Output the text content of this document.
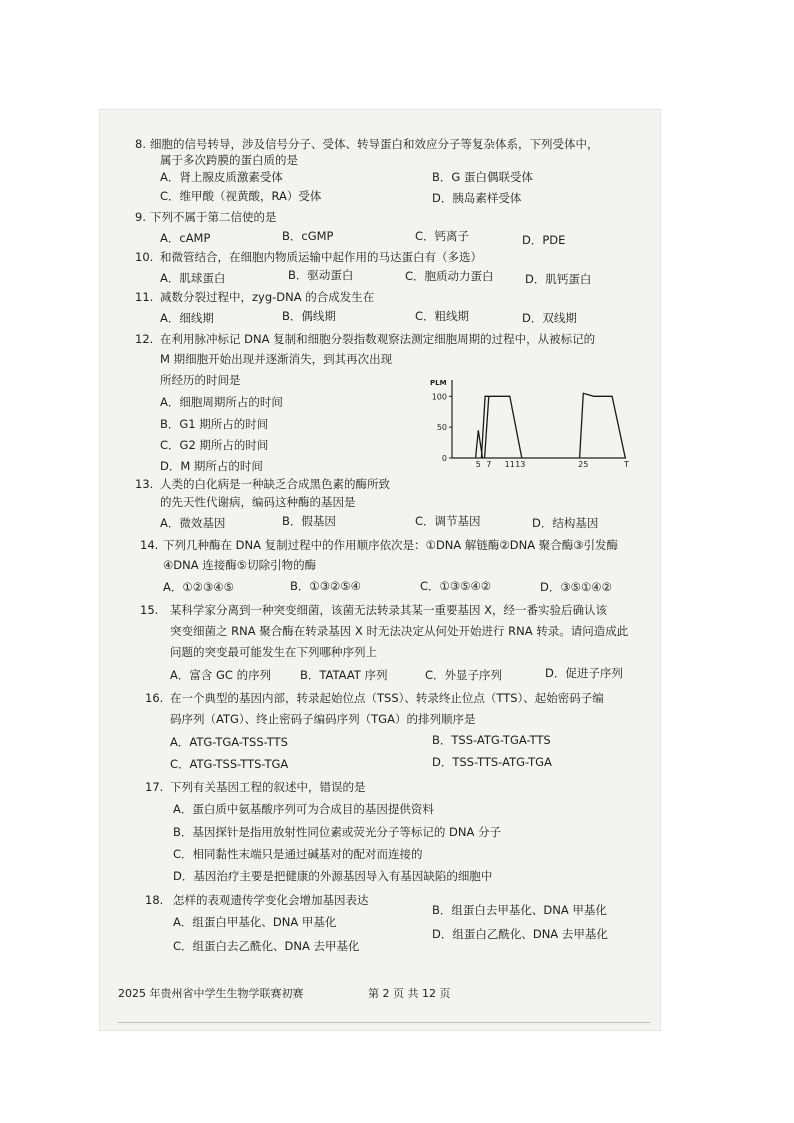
8. 细胞的信号转导，涉及信号分子、受体、转导蛋白和效应分子等复杂体系，下列受体中，
属于多次跨膜的蛋白质的是
A．肾上腺皮质激素受体	B．G 蛋白偶联受体
C．维甲酸（视黄酸，RA）受体	D．胰岛素样受体
9. 下列不属于第二信使的是
A．cAMP	B．cGMP	C．钙离子	D．PDE
10. 和微管结合，在细胞内物质运输中起作用的马达蛋白有（多选）
A．肌球蛋白	B．驱动蛋白	C．胞质动力蛋白	D．肌钙蛋白
11. 减数分裂过程中，zyg-DNA 的合成发生在
A．细线期	B．偶线期	C．粗线期	D．双线期
12. 在利用脉冲标记 DNA 复制和细胞分裂指数观察法测定细胞周期的过程中，从被标记的
M 期细胞开始出现并逐渐消失，到其再次出现
所经历的时间是
A．细胞周期所占的时间
B．G1 期所占的时间
C．G2 期所占的时间
D．M 期所占的时间
0
50
100
5 7 11 13	25
PLM
T
13. 人类的白化病是一种缺乏合成黑色素的酶所致
的先天性代谢病，编码这种酶的基因是
A．微效基因	B．假基因	C．调节基因	D．结构基因
14. 下列几种酶在 DNA 复制过程中的作用顺序依次是：①DNA 解链酶②DNA 聚合酶③引发酶
④DNA 连接酶⑤切除引物的酶
A．①②③④⑤	B．①③②⑤④	C．①③⑤④②	D．③⑤①④②
15. 某科学家分离到一种突变细菌，该菌无法转录其某一重要基因 X，经一番实验后确认该
突变细菌之 RNA 聚合酶在转录基因 X 时无法决定从何处开始进行 RNA 转录。请问造成此
问题的突变最可能发生在下列哪种序列上
A．富含 GC 的序列	B．TATAAT 序列	C．外显子序列	D．促进子序列
16. 在一个典型的基因内部，转录起始位点（TSS）、转录终止位点（TTS）、起始密码子编
码序列（ATG）、终止密码子编码序列（TGA）的排列顺序是
A．ATG-TGA-TSS-TTS	B．TSS-ATG-TGA-TTS
C．ATG-TSS-TTS-TGA	D．TSS-TTS-ATG-TGA
17. 下列有关基因工程的叙述中，错误的是
A．蛋白质中氨基酸序列可为合成目的基因提供资料
B．基因探针是指用放射性同位素或荧光分子等标记的 DNA 分子
C．相同黏性末端只是通过碱基对的配对而连接的
D．基因治疗主要是把健康的外源基因导入有基因缺陷的细胞中
18. 怎样的表观遗传学变化会增加基因表达
A．组蛋白甲基化、DNA 甲基化
B．组蛋白去甲基化、DNA 甲基化
C．组蛋白去乙酰化、DNA 去甲基化
D．组蛋白乙酰化、DNA 去甲基化
2025 年贵州省中学生生物学联赛初赛	第 2 页 共 12 页
